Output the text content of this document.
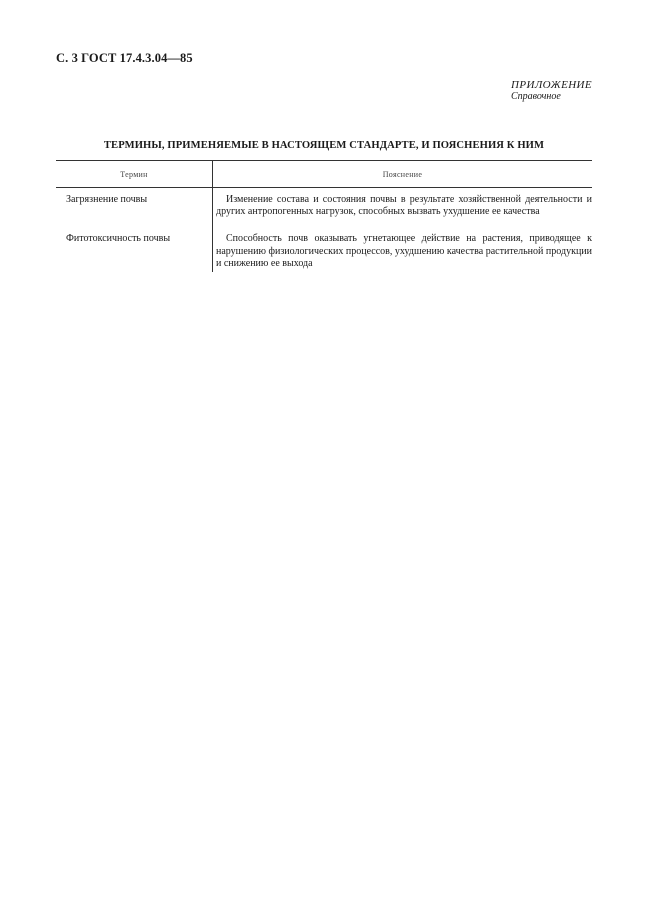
С. 3 ГОСТ 17.4.3.04—85
ПРИЛОЖЕНИЕ
Справочное
ТЕРМИНЫ, ПРИМЕНЯЕМЫЕ В НАСТОЯЩЕМ СТАНДАРТЕ, И ПОЯСНЕНИЯ К НИМ
Термин	Пояснение
Загрязнение почвы	Изменение состава и состояния почвы в результате хозяйственной деятельности и других антропогенных нагрузок, способных вызвать ухудшение ее качества
Фитотоксичность почвы	Способность почв оказывать угнетающее действие на растения, приводящее к нарушению физиологических процессов, ухудшению качества растительной продукции и снижению ее выхода
